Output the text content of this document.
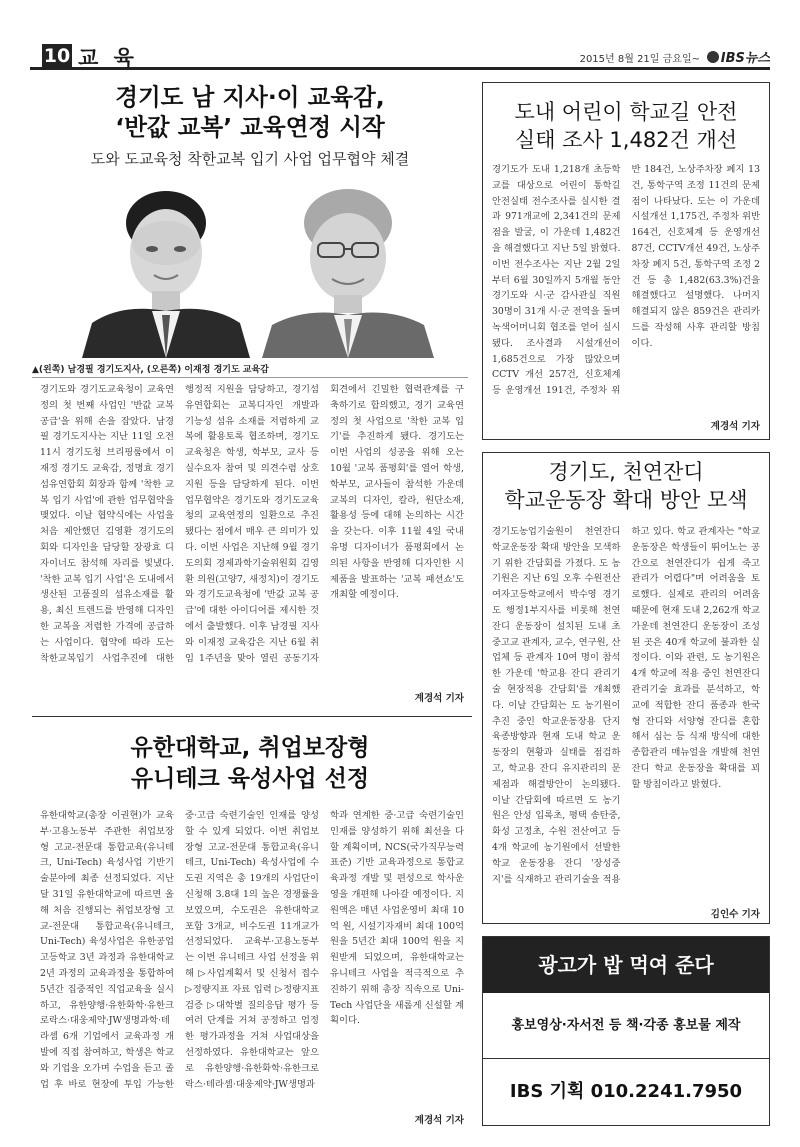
10 교 육	2015년 8월 21일 금요일~	IBS뉴스
경기도 남 지사·이 교육감,
‘반값 교복’ 교육연정 시작
도와 도교육청 착한교복 입기 사업 업무협약 체결
▲(왼쪽) 남경필 경기도지사, (오른쪽) 이재정 경기도 교육감
경기도와 경기도교육청이 교육연정의 첫 번째 사업인 '반값 교복 공급'을 위해 손을 잡았다. 남경필 경기도지사는 지난 11일 오전 11시 경기도청 브리핑룸에서 이재정 경기도 교육감, 정명효 경기섬유연합회 회장과 함께 '착한 교복 입기 사업'에 관한 업무협약을 맺었다. 이날 협약식에는 사업을 처음 제안했던 김영환 경기도의회와 디자인을 담당할 장광효 디자이너도 참석해 자리를 빛냈다. '착한 교복 입기 사업'은 도내에서 생산된 고품질의 섬유소재를 활용, 최신 트렌드를 반영해 디자인한 교복을 저렴한 가격에 공급하는 사업이다. 협약에 따라 도는 착한교복입기 사업추진에 대한 행정적 지원을 담당하고, 경기섬유연합회는 교복디자인 개발과 기능성 섬유 소재를 저렴하게 교복에 활용토록 협조하며, 경기도교육청은 학생, 학부모, 교사 등 실수요자 참여 및 의견수렴 상호 지원 등을 담당하게 된다. 이번 업무협약은 경기도와 경기도교육청의 교육연정의 일환으로 추진됐다는 점에서 매우 큰 의미가 있다. 이번 사업은 지난해 9월 경기도의회 경제과학기술위원회 김영환 의원(고양7, 새정치)이 경기도와 경기도교육청에 '반값 교복 공급'에 대한 아이디어를 제시한 것에서 출발했다. 이후 남경필 지사와 이재정 교육감은 지난 6월 취임 1주년을 맞아 열린 공동기자회견에서 긴밀한 협력관계를 구축하기로 합의했고, 경기 교육연정의 첫 사업으로 '착한 교복 입기'를 추진하게 됐다. 경기도는 이번 사업의 성공을 위해 오는 10월 '교복 품평회'를 열어 학생, 학부모, 교사들이 참석한 가운데 교복의 디자인, 칼라, 원단소재, 활용성 등에 대해 논의하는 시간을 갖는다. 이후 11월 4일 국내 유명 디자이너가 품평회에서 논의된 사항을 반영해 디자인한 시제품을 발표하는 '교복 패션쇼'도 개최할 예정이다.
계경석 기자
유한대학교, 취업보장형
유니테크 육성사업 선정
유한대학교(총장 이권현)가 교육부·고용노동부 주관한 취업보장형 고교-전문대 통합교육(유니테크, Uni-Tech) 육성사업 기반기술분야에 최종 선정되었다. 지난달 31일 유한대학교에 따르면 올해 처음 진행되는 취업보장형 고교-전문대 통합교육(유니테크, Uni-Tech) 육성사업은 유한공업고등학교 3년 과정과 유한대학교 2년 과정의 교육과정을 통합하여 5년간 집중적인 직업교육을 실시하고, 유한양행·유한화학·유한크로락스·대웅제약·JW생명과학·테라셈 6개 기업에서 교육과정 개발에 직접 참여하고, 학생은 학교와 기업을 오가며 수업을 듣고 졸업 후 바로 현장에 투입 가능한 중·고급 숙련기술인 인재를 양성할 수 있게 되었다. 이번 취업보장형 고교-전문대 통합교육(유니테크, Uni-Tech) 육성사업에 수도권 지역은 총 19개의 사업단이 신청해 3.8대 1의 높은 경쟁률을 보였으며, 수도권은 유한대학교 포함 3개교, 비수도권 11개교가 선정되었다. 교육부·고용노동부는 이번 유니테크 사업 선정을 위해 ▷사업계획서 및 신청서 접수 ▷정량지표 자료 입력 ▷정량지표 검증 ▷대학별 질의응답 평가 등 여러 단계를 거쳐 공정하고 엄정한 평가과정을 거쳐 사업대상을 선정하였다. 유한대학교는 앞으로 유한양행·유한화학·유한크로락스·테라셈·대웅제약·JW생명과학과 연계한 중·고급 숙련기술인 인재를 양성하기 위해 최선을 다할 계획이며, NCS(국가직무능력표준) 기반 교육과정으로 통합교육과정 개발 및 편성으로 학사운영을 개편해 나아갈 예정이다. 지원액은 매년 사업운영비 최대 10억 원, 시설기자재비 최대 100억 원을 5년간 최대 100억 원을 지원받게 되었으며, 유한대학교는 유니테크 사업을 적극적으로 추진하기 위해 총장 직속으로 Uni-Tech 사업단을 새롭게 신설할 계획이다.
계경석 기자
도내 어린이 학교길 안전
실태 조사 1,482건 개선
경기도가 도내 1,218개 초등학교를 대상으로 어린이 통학길 안전실태 전수조사를 실시한 결과 971개교에 2,341건의 문제점을 발굴, 이 가운데 1,482건을 해결했다고 지난 5일 밝혔다. 이번 전수조사는 지난 2월 2일부터 6월 30일까지 5개월 동안 경기도와 시·군 감사관실 직원 30명이 31개 시·군 전역을 돌며 녹색어머니회 협조를 얻어 실시됐다. 조사결과 시설개선이 1,685건으로 가장 많았으며 CCTV 개선 257건, 신호체계 등 운영개선 191건, 주정차 위반 184건, 노상주차장 폐지 13건, 통학구역 조정 11건의 문제점이 나타났다. 도는 이 가운데 시설개선 1,175건, 주정차 위반 164건, 신호체계 등 운영개선 87건, CCTV개선 49건, 노상주차장 폐지 5건, 통학구역 조정 2건 등 총 1,482(63.3%)건을 해결했다고 설명했다. 나머지 해결되지 않은 859건은 관리카드를 작성해 사후 관리할 방침이다.
계경석 기자
경기도, 천연잔디
학교운동장 확대 방안 모색
경기도농업기술원이 천연잔디 학교운동장 확대 방안을 모색하기 위한 간담회를 가졌다. 도 농기원은 지난 6일 오후 수원전산여자고등학교에서 박수영 경기도 행정1부지사를 비롯해 천연잔디 운동장이 설치된 도내 초중고교 관계자, 교수, 연구원, 산업체 등 관계자 10여 명이 참석한 가운데 '학교용 잔디 관리기술 현장적용 간담회'를 개최했다. 이날 간담회는 도 농기원이 추진 중인 학교운동장용 단지 육종방향과 현재 도내 학교 운동장의 현황과 실태를 점검하고, 학교용 잔디 유지관리의 문제점과 해결방안이 논의됐다. 이날 간담회에 따르면 도 농기원은 안성 입록초, 평택 송탄중, 화성 고정초, 수원 전산여고 등 4개 학교에 농기원에서 선발한 학교 운동장용 잔디 '장성중지'를 식재하고 관리기술을 적용하고 있다. 학교 관계자는 "학교 운동장은 학생들이 뛰어노는 공간으로 천연잔디가 쉽게 죽고 관리가 어렵다"며 어려움을 토로했다. 실제로 관리의 어려움 때문에 현재 도내 2,262개 학교 가운데 천연잔디 운동장이 조성된 곳은 40개 학교에 불과한 실정이다. 이와 관련, 도 농기원은 4개 학교에 적용 중인 천연잔디 관리기술 효과를 분석하고, 학교에 적합한 잔디 품종과 한국형 잔디와 서양형 잔디를 혼합해서 심는 등 식재 방식에 대한 종합관리 매뉴얼을 개발해 천연잔디 학교 운동장을 확대를 꾀할 방침이라고 밝혔다.
김인수 기자
광고가 밥 먹여 준다
홍보영상·자서전 등 책·각종 홍보물 제작
IBS 기획 010.2241.7950
